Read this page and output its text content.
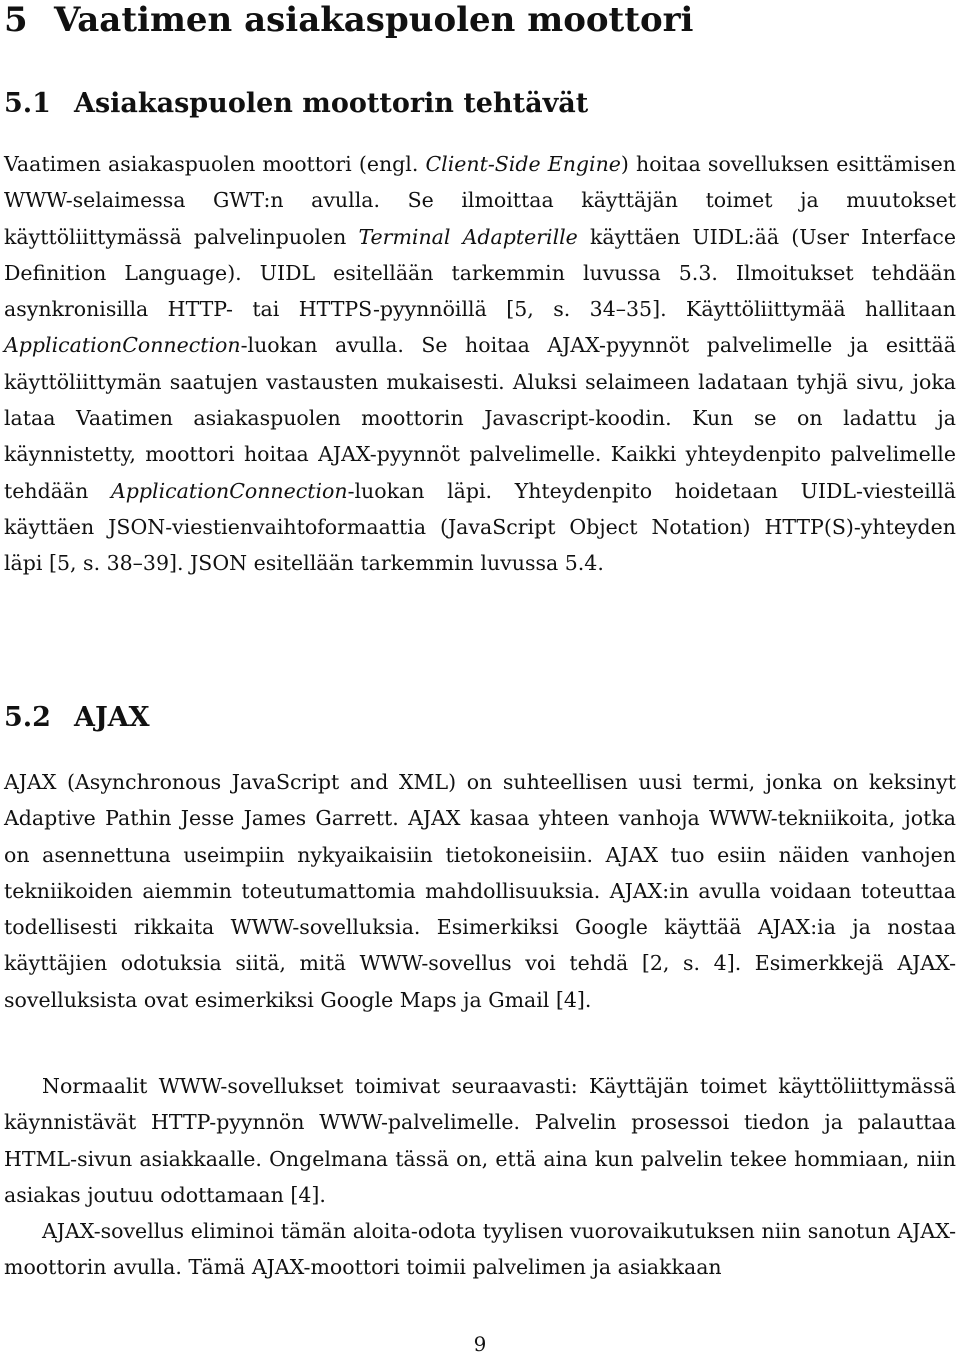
5 Vaatimen asiakaspuolen moottori
5.1 Asiakaspuolen moottorin tehtävät

Vaatimen asiakaspuolen moottori (engl. Client-Side Engine) hoitaa sovelluksen esittämisen WWW-selaimessa GWT:n avulla. Se ilmoittaa käyttäjän toimet ja muutokset käyttöliittymässä palvelinpuolen Terminal Adapterille käyttäen UIDL:ää (User Interface Definition Language). UIDL esitellään tarkemmin luvussa 5.3. Ilmoitukset tehdään asynkronisilla HTTP- tai HTTPS-pyynnöillä [5, s. 34–35]. Käyttöliittymää hallitaan ApplicationConnection-luokan avulla. Se hoitaa AJAX-pyynnöt palvelimelle ja esittää käyttöliittymän saatujen vastausten mukaisesti. Aluksi selaimeen ladataan tyhjä sivu, joka lataa Vaatimen asiakaspuolen moottorin Javascript-koodin. Kun se on ladattu ja käynnistetty, moottori hoitaa AJAX-pyynnöt palvelimelle. Kaikki yhteydenpito palvelimelle tehdään ApplicationConnection-luokan läpi. Yhteydenpito hoidetaan UIDL-viesteillä käyttäen JSON-viestienvaihtoformaattia (JavaScript Object Notation) HTTP(S)-yhteyden läpi [5, s. 38–39]. JSON esitellään tarkemmin luvussa 5.4.

5.2 AJAX

AJAX (Asynchronous JavaScript and XML) on suhteellisen uusi termi, jonka on keksinyt Adaptive Pathin Jesse James Garrett. AJAX kasaa yhteen vanhoja WWW-tekniikoita, jotka on asennettuna useimpiin nykyaikaisiin tietokoneisiin. AJAX tuo esiin näiden vanhojen tekniikoiden aiemmin toteutumattomia mahdollisuuksia. AJAX:in avulla voidaan toteuttaa todellisesti rikkaita WWW-sovelluksia. Esimerkiksi Google käyttää AJAX:ia ja nostaa käyttäjien odotuksia siitä, mitä WWW-sovellus voi tehdä [2, s. 4]. Esimerkkejä AJAX-sovelluksista ovat esimerkiksi Google Maps ja Gmail [4].

Normaalit WWW-sovellukset toimivat seuraavasti: Käyttäjän toimet käyttöliittymässä käynnistävät HTTP-pyynnön WWW-palvelimelle. Palvelin prosessoi tiedon ja palauttaa HTML-sivun asiakkaalle. Ongelmana tässä on, että aina kun palvelin tekee hommiaan, niin asiakas joutuu odottamaan [4].

AJAX-sovellus eliminoi tämän aloita-odota tyylisen vuorovaikutuksen niin sanotun AJAX-moottorin avulla. Tämä AJAX-moottori toimii palvelimen ja asiakkaan

9
